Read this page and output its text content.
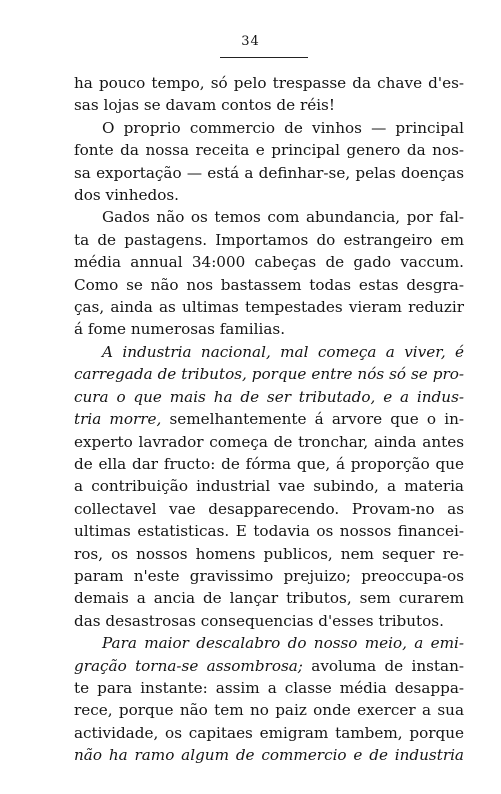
34
ha pouco tempo, só pelo trespasse da chave d'es-
sas lojas se davam contos de réis!
O proprio commercio de vinhos — principal
fonte da nossa receita e principal genero da nos-
sa exportação — está a definhar-se, pelas doenças
dos vinhedos.
Gados não os temos com abundancia, por fal-
ta de pastagens. Importamos do estrangeiro em
média annual 34:000 cabeças de gado vaccum.
Como se não nos bastassem todas estas desgra-
ças, ainda as ultimas tempestades vieram reduzir
á fome numerosas familias.
A industria nacional, mal começa a viver, é
carregada de tributos, porque entre nós só se pro-
cura o que mais ha de ser tributado, e a indus-
tria morre, semelhantemente á arvore que o in-
experto lavrador começa de tronchar, ainda antes
de ella dar fructo: de fórma que, á proporção que
a contribuição industrial vae subindo, a materia
collectavel vae desapparecendo. Provam-no as
ultimas estatisticas. E todavia os nossos financei-
ros, os nossos homens publicos, nem sequer re-
param n'este gravissimo prejuizo; preoccupa-os
demais a ancia de lançar tributos, sem curarem
das desastrosas consequencias d'esses tributos.
Para maior descalabro do nosso meio, a emi-
gração torna-se assombrosa; avoluma de instan-
te para instante: assim a classe média desappa-
rece, porque não tem no paiz onde exercer a sua
actividade, os capitaes emigram tambem, porque
não ha ramo algum de commercio e de industria
